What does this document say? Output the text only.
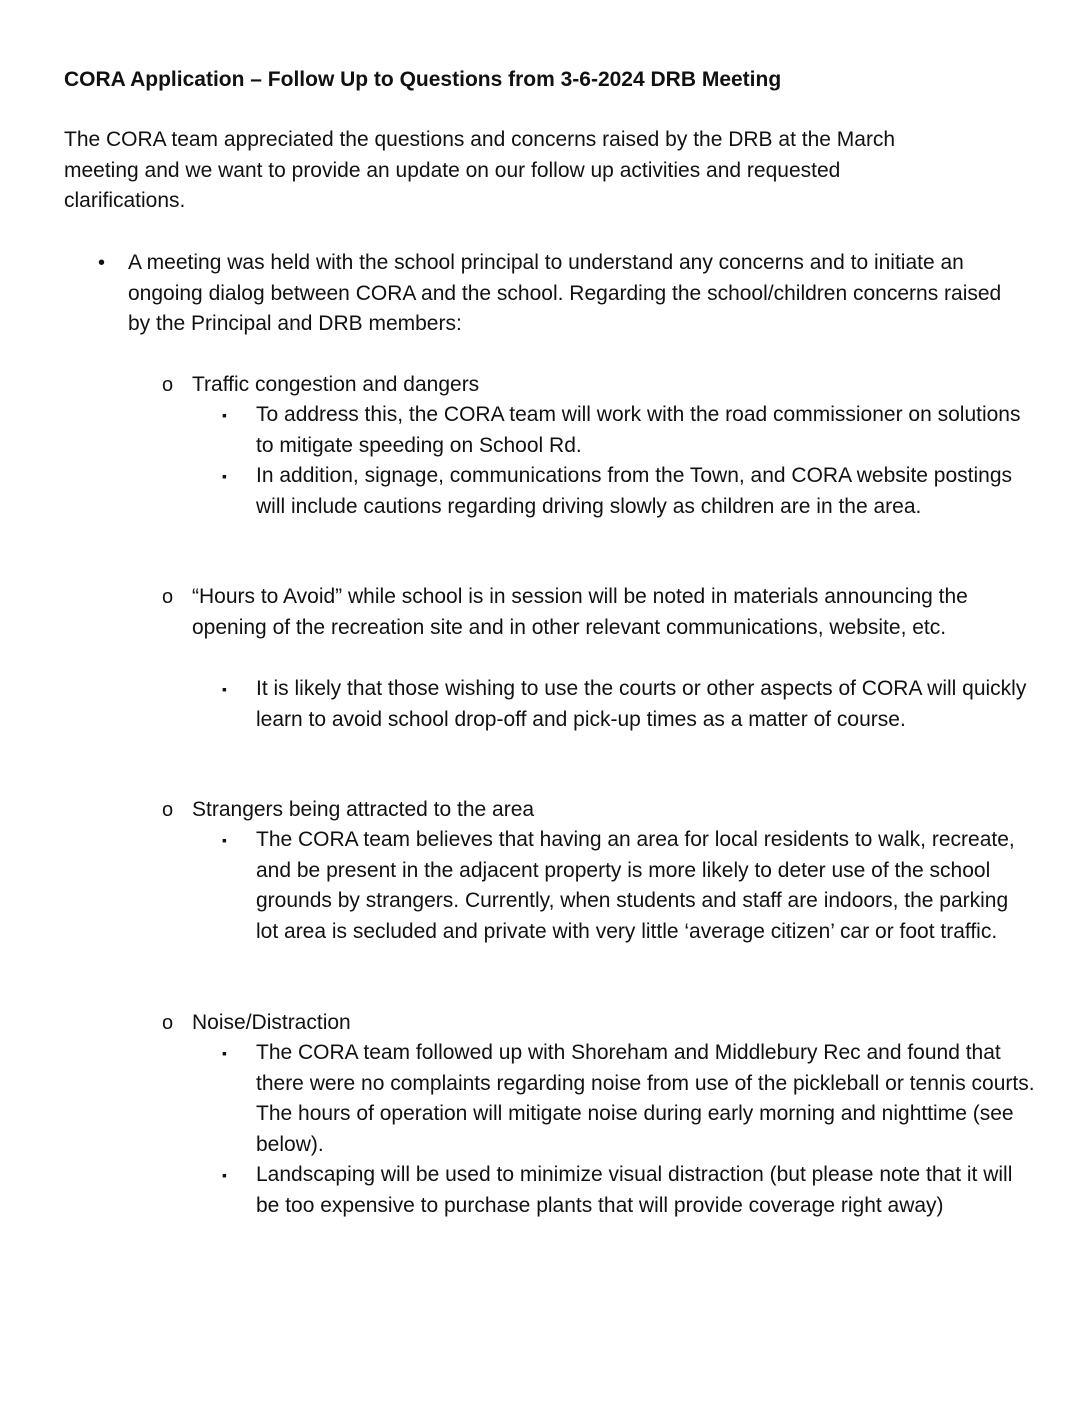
CORA Application – Follow Up to Questions from 3-6-2024 DRB Meeting

The CORA team appreciated the questions and concerns raised by the DRB at the March meeting and we want to provide an update on our follow up activities and requested clarifications.

• A meeting was held with the school principal to understand any concerns and to initiate an ongoing dialog between CORA and the school. Regarding the school/children concerns raised by the Principal and DRB members:
o Traffic congestion and dangers
▪ To address this, the CORA team will work with the road commissioner on solutions to mitigate speeding on School Rd.
▪ In addition, signage, communications from the Town, and CORA website postings will include cautions regarding driving slowly as children are in the area.
o “Hours to Avoid” while school is in session will be noted in materials announcing the opening of the recreation site and in other relevant communications, website, etc.
▪ It is likely that those wishing to use the courts or other aspects of CORA will quickly learn to avoid school drop-off and pick-up times as a matter of course.
o Strangers being attracted to the area
▪ The CORA team believes that having an area for local residents to walk, recreate, and be present in the adjacent property is more likely to deter use of the school grounds by strangers. Currently, when students and staff are indoors, the parking lot area is secluded and private with very little ‘average citizen’ car or foot traffic.
o Noise/Distraction
▪ The CORA team followed up with Shoreham and Middlebury Rec and found that there were no complaints regarding noise from use of the pickleball or tennis courts. The hours of operation will mitigate noise during early morning and nighttime (see below).
▪ Landscaping will be used to minimize visual distraction (but please note that it will be too expensive to purchase plants that will provide coverage right away)
